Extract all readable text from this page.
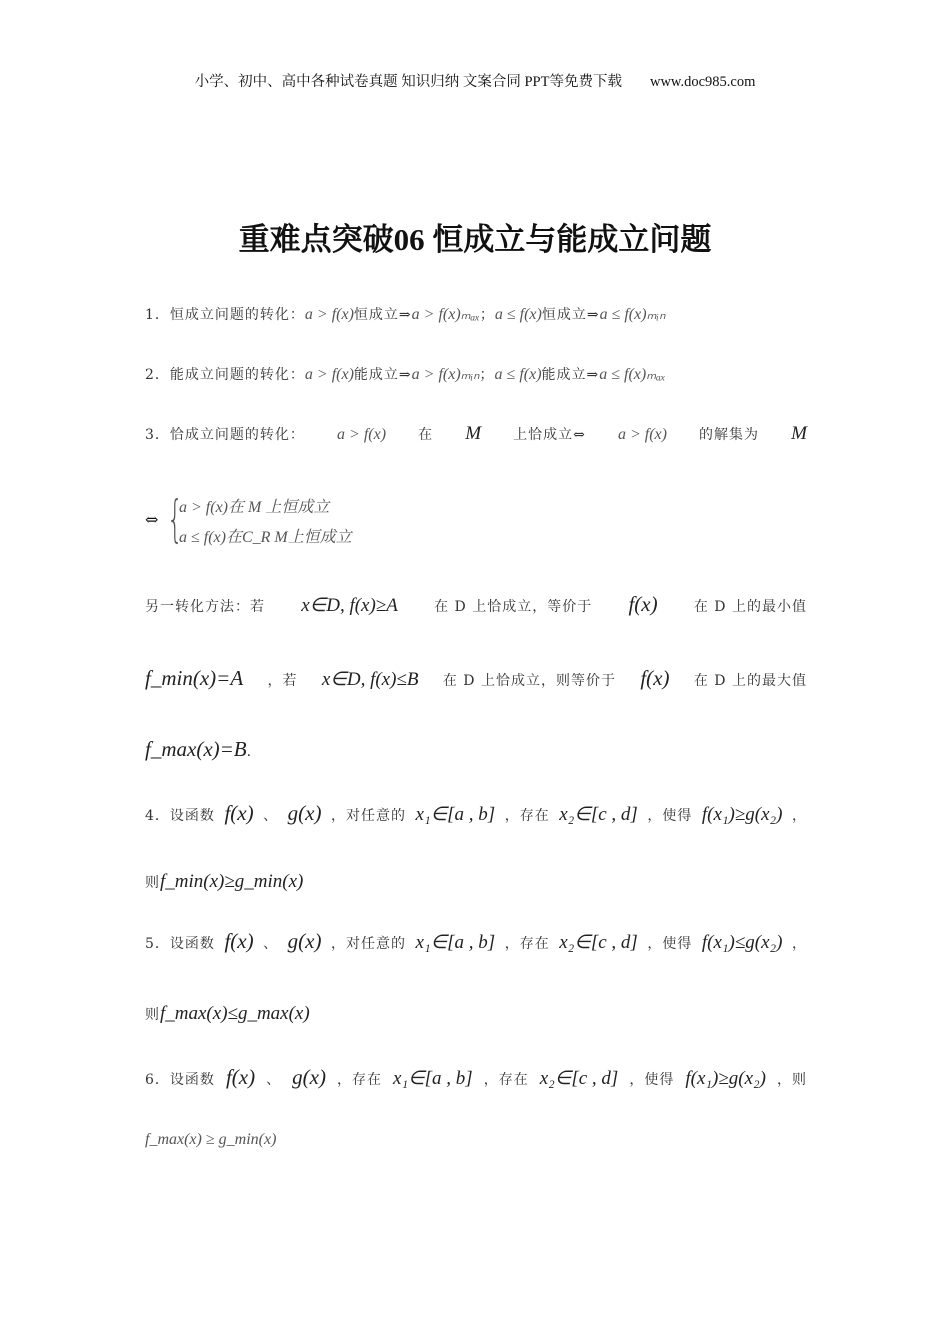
小学、初中、高中各种试卷真题 知识归纳 文案合同 PPT等免费下载 www.doc985.com
重难点突破06 恒成立与能成立问题
⇔ {
a > f(x)在 M 上恒成立
a ≤ f(x)在C_R M上恒成立
1．恒成立问题的转化：a > f(x)恒成立⇒a > f(x)ₘₐₓ；a ≤ f(x)恒成立⇒a ≤ f(x)ₘᵢₙ
2．能成立问题的转化：a > f(x)能成立⇒a > f(x)ₘᵢₙ；a ≤ f(x)能成立⇒a ≤ f(x)ₘₐₓ
3．恰成立问题的转化： a > f(x) 在 M 上恰成立⇔ a > f(x) 的解集为 M
另一转化方法：若 x∈D, f(x)≥A	在 D 上恰成立，等价于 f(x)	在 D 上的最小值
f_min(x)=A ，若 x∈D, f(x)≤B 在 D 上恰成立，则等价于 f(x) 在 D 上的最大值
f_max(x)=B.
4．设函数 f(x) 、 g(x) ，对任意的 x₁∈[a , b] ，存在 x₂∈[c , d] ，使得 f(x₁)≥g(x₂) ，
则f_min(x)≥g_min(x)
5．设函数 f(x) 、 g(x) ，对任意的 x₁∈[a , b] ，存在 x₂∈[c , d] ，使得 f(x₁)≤g(x₂) ，
则f_max(x)≤g_max(x)
6．设函数 f(x) 、 g(x) ，存在 x₁∈[a , b] ，存在 x₂∈[c , d] ，使得 f(x₁)≥g(x₂) ，则
f_max(x) ≥ g_min(x)
